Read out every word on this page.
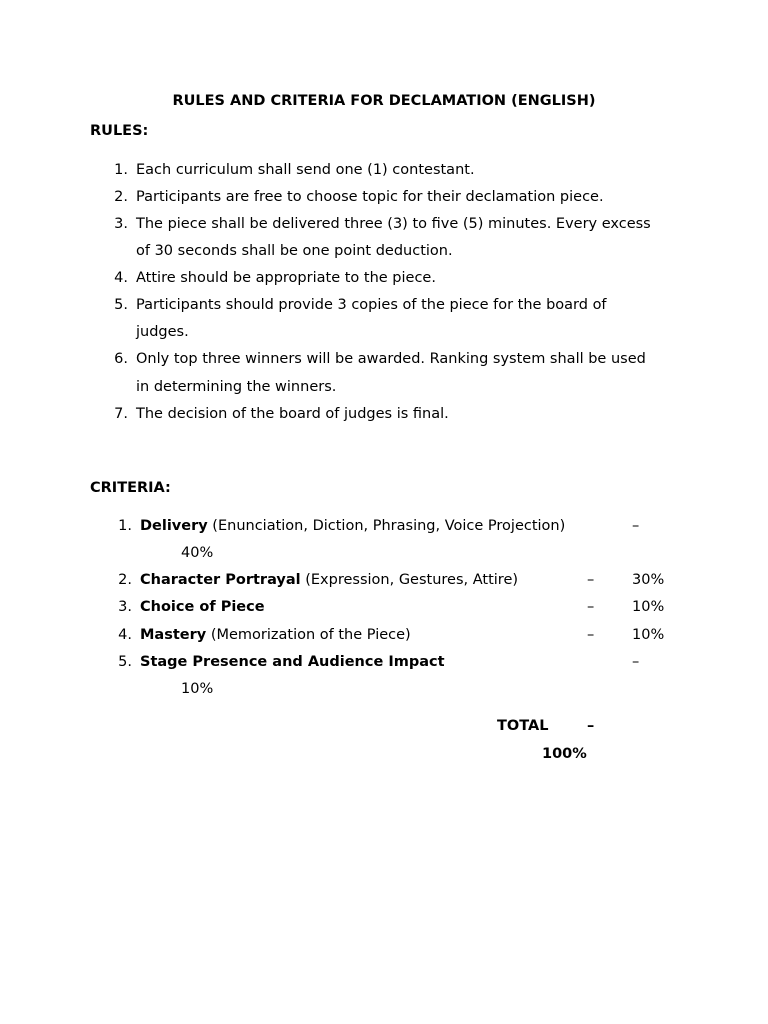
RULES AND CRITERIA FOR DECLAMATION (ENGLISH)
RULES:
1. Each curriculum shall send one (1) contestant.
2. Participants are free to choose topic for their declamation piece.
3. The piece shall be delivered three (3) to five (5) minutes. Every excess
of 30 seconds shall be one point deduction.
4. Attire should be appropriate to the piece.
5. Participants should provide 3 copies of the piece for the board of
judges.
6. Only top three winners will be awarded. Ranking system shall be used
in determining the winners.
7. The decision of the board of judges is final.
CRITERIA:
1. Delivery (Enunciation, Diction, Phrasing, Voice Projection)	–
40%
2. Character Portrayal (Expression, Gestures, Attire)	–	30%
3. Choice of Piece	–	10%
4. Mastery (Memorization of the Piece)	–	10%
5. Stage Presence and Audience Impact	–
10%
TOTAL	–
100%
